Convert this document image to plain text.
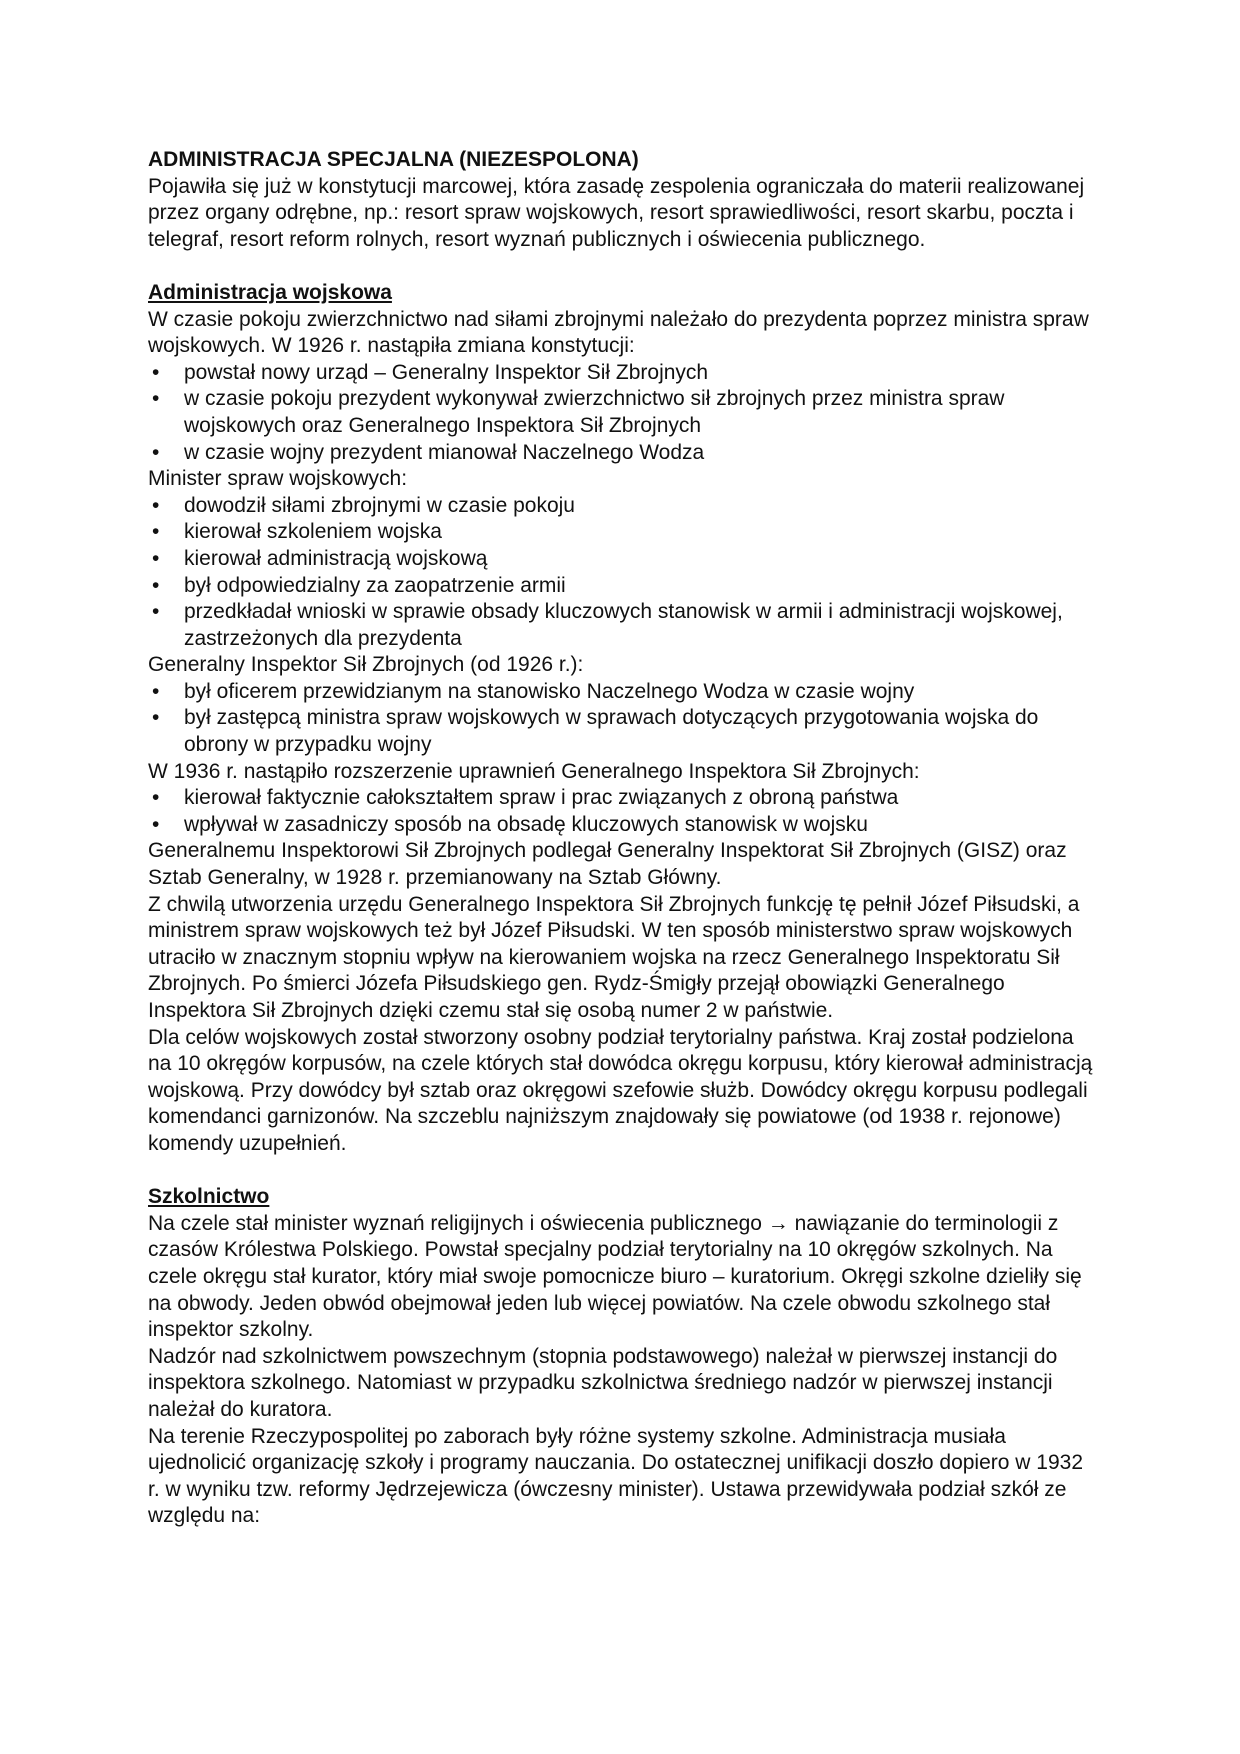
ADMINISTRACJA SPECJALNA (NIEZESPOLONA)

Pojawiła się już w konstytucji marcowej, która zasadę zespolenia ograniczała do materii realizowanej przez organy odrębne, np.: resort spraw wojskowych, resort sprawiedliwości, resort skarbu, poczta i telegraf, resort reform rolnych, resort wyznań publicznych i oświecenia publicznego.

Administracja wojskowa

W czasie pokoju zwierzchnictwo nad siłami zbrojnymi należało do prezydenta poprzez ministra spraw wojskowych. W 1926 r. nastąpiła zmiana konstytucji:

•	powstał nowy urząd – Generalny Inspektor Sił Zbrojnych
•	w czasie pokoju prezydent wykonywał zwierzchnictwo sił zbrojnych przez ministra spraw wojskowych oraz Generalnego Inspektora Sił Zbrojnych
•	w czasie wojny prezydent mianował Naczelnego Wodza

Minister spraw wojskowych:

•	dowodził siłami zbrojnymi w czasie pokoju
•	kierował szkoleniem wojska
•	kierował administracją wojskową
•	był odpowiedzialny za zaopatrzenie armii
•	przedkładał wnioski w sprawie obsady kluczowych stanowisk w armii i administracji wojskowej, zastrzeżonych dla prezydenta

Generalny Inspektor Sił Zbrojnych (od 1926 r.):

•	był oficerem przewidzianym na stanowisko Naczelnego Wodza w czasie wojny
•	był zastępcą ministra spraw wojskowych w sprawach dotyczących przygotowania wojska do obrony w przypadku wojny

W 1936 r. nastąpiło rozszerzenie uprawnień Generalnego Inspektora Sił Zbrojnych:

•	kierował faktycznie całokształtem spraw i prac związanych z obroną państwa
•	wpływał w zasadniczy sposób na obsadę kluczowych stanowisk w wojsku

Generalnemu Inspektorowi Sił Zbrojnych podlegał Generalny Inspektorat Sił Zbrojnych (GISZ) oraz Sztab Generalny, w 1928 r. przemianowany na Sztab Główny.

Z chwilą utworzenia urzędu Generalnego Inspektora Sił Zbrojnych funkcję tę pełnił Józef Piłsudski, a ministrem spraw wojskowych też był Józef Piłsudski. W ten sposób ministerstwo spraw wojskowych utraciło w znacznym stopniu wpływ na kierowaniem wojska na rzecz Generalnego Inspektoratu Sił Zbrojnych. Po śmierci Józefa Piłsudskiego gen. Rydz-Śmigły przejął obowiązki Generalnego Inspektora Sił Zbrojnych dzięki czemu stał się osobą numer 2 w państwie.

Dla celów wojskowych został stworzony osobny podział terytorialny państwa. Kraj został podzielona na 10 okręgów korpusów, na czele których stał dowódca okręgu korpusu, który kierował administracją wojskową. Przy dowódcy był sztab oraz okręgowi szefowie służb. Dowódcy okręgu korpusu podlegali komendanci garnizonów. Na szczeblu najniższym znajdowały się powiatowe (od 1938 r. rejonowe) komendy uzupełnień.

Szkolnictwo

Na czele stał minister wyznań religijnych i oświecenia publicznego → nawiązanie do terminologii z czasów Królestwa Polskiego. Powstał specjalny podział terytorialny na 10 okręgów szkolnych. Na czele okręgu stał kurator, który miał swoje pomocnicze biuro – kuratorium. Okręgi szkolne dzieliły się na obwody. Jeden obwód obejmował jeden lub więcej powiatów. Na czele obwodu szkolnego stał inspektor szkolny.

Nadzór nad szkolnictwem powszechnym (stopnia podstawowego) należał w pierwszej instancji do inspektora szkolnego. Natomiast w przypadku szkolnictwa średniego nadzór w pierwszej instancji należał do kuratora.

Na terenie Rzeczypospolitej po zaborach były różne systemy szkolne. Administracja musiała ujednolicić organizację szkoły i programy nauczania. Do ostatecznej unifikacji doszło dopiero w 1932 r. w wyniku tzw. reformy Jędrzejewicza (ówczesny minister). Ustawa przewidywała podział szkół ze względu na:
